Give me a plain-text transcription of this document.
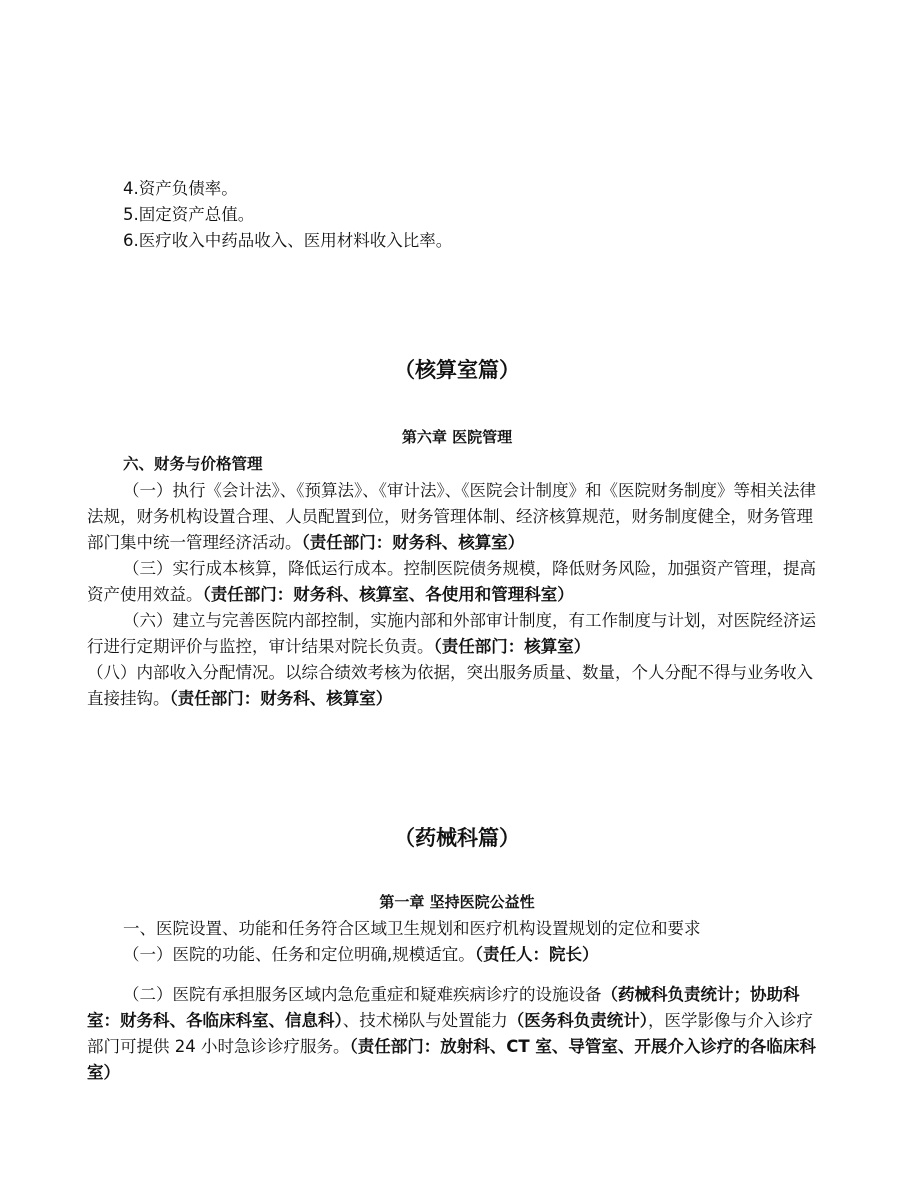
4.资产负债率。

5.固定资产总值。

6.医疗收入中药品收入、医用材料收入比率。

（核算室篇）

第六章 医院管理

六、财务与价格管理

（一）执行《会计法》、《预算法》、《审计法》、《医院会计制度》和《医院财务制度》等相关法律法规，财务机构设置合理、人员配置到位，财务管理体制、经济核算规范，财务制度健全，财务管理部门集中统一管理经济活动。（责任部门：财务科、核算室）

（三）实行成本核算，降低运行成本。控制医院债务规模，降低财务风险，加强资产管理，提高资产使用效益。（责任部门：财务科、核算室、各使用和管理科室）

（六）建立与完善医院内部控制，实施内部和外部审计制度，有工作制度与计划，对医院经济运行进行定期评价与监控，审计结果对院长负责。（责任部门：核算室）

（八）内部收入分配情况。以综合绩效考核为依据，突出服务质量、数量，个人分配不得与业务收入直接挂钩。（责任部门：财务科、核算室）

（药械科篇）

第一章 坚持医院公益性

一、医院设置、功能和任务符合区域卫生规划和医疗机构设置规划的定位和要求

（一）医院的功能、任务和定位明确,规模适宜。（责任人：院长）

（二）医院有承担服务区域内急危重症和疑难疾病诊疗的设施设备（药械科负责统计；协助科室：财务科、各临床科室、信息科）、技术梯队与处置能力（医务科负责统计），医学影像与介入诊疗部门可提供 24 小时急诊诊疗服务。（责任部门：放射科、CT 室、导管室、开展介入诊疗的各临床科室）
